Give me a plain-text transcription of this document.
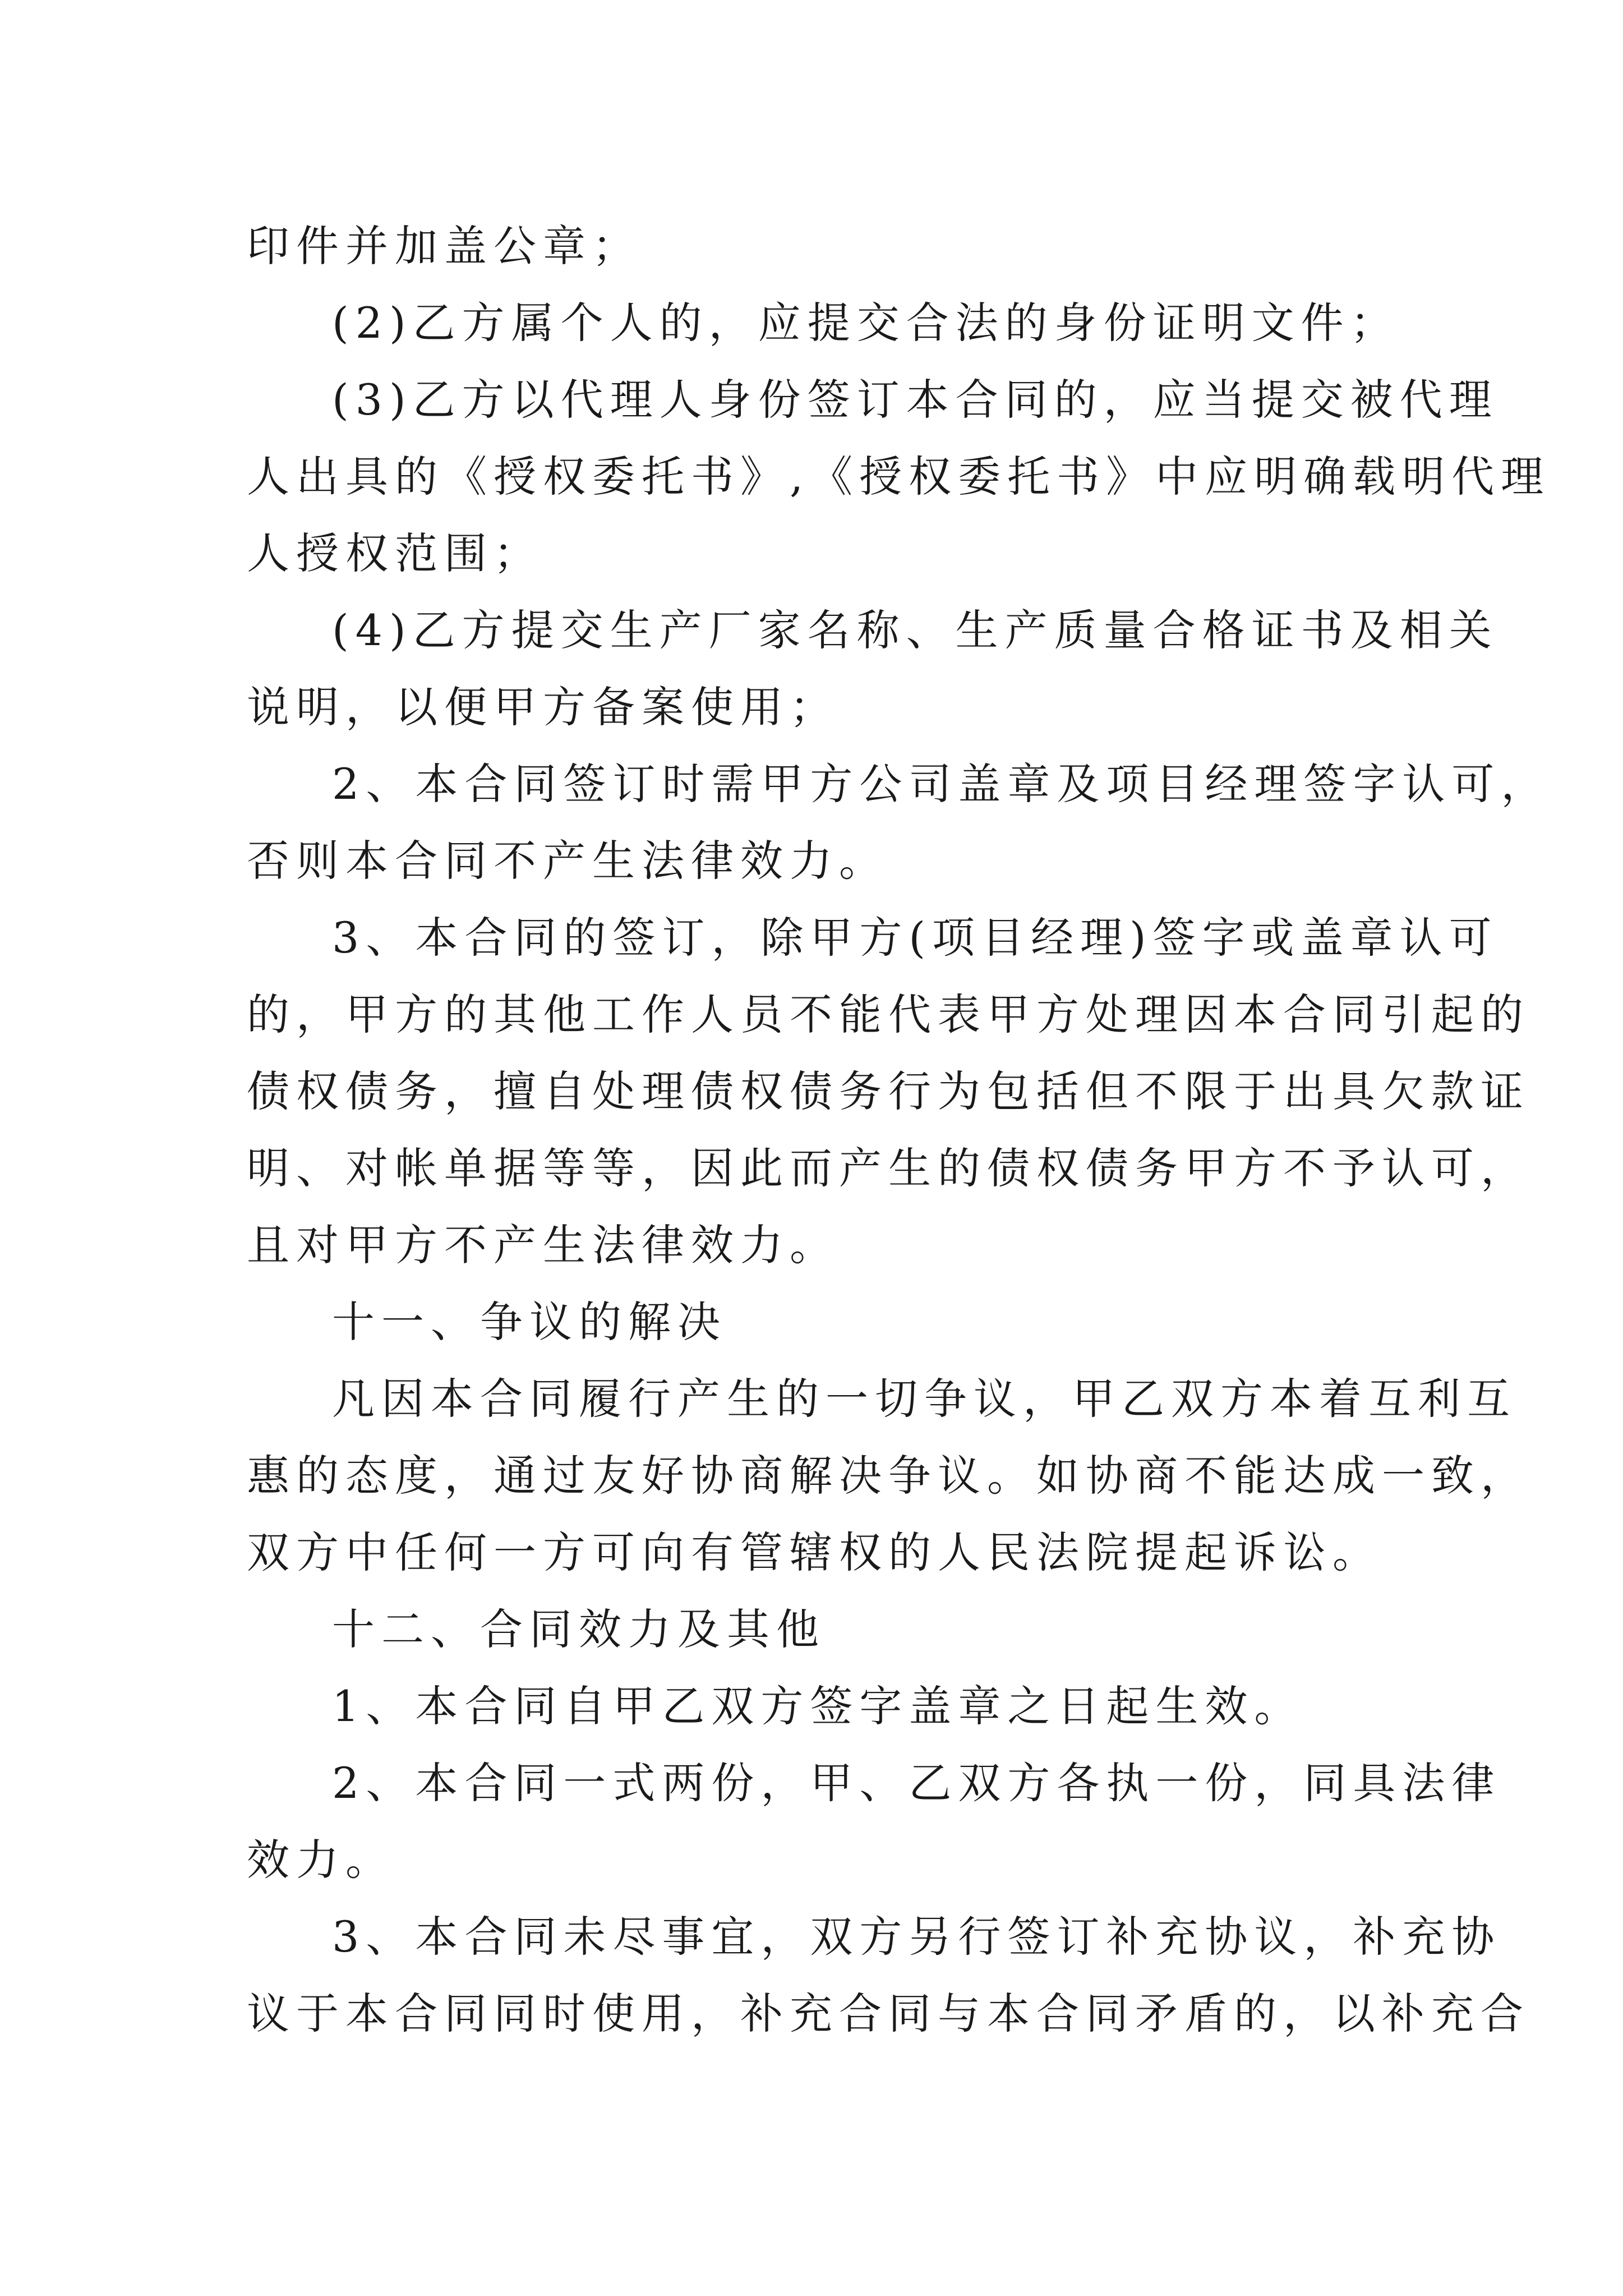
印件并加盖公章；
(2)乙方属个人的，应提交合法的身份证明文件；
(3)乙方以代理人身份签订本合同的，应当提交被代理
人出具的《授权委托书》,《授权委托书》中应明确载明代理
人授权范围；
(4)乙方提交生产厂家名称、生产质量合格证书及相关
说明，以便甲方备案使用；
2、本合同签订时需甲方公司盖章及项目经理签字认可，
否则本合同不产生法律效力。
3、本合同的签订，除甲方(项目经理)签字或盖章认可
的，甲方的其他工作人员不能代表甲方处理因本合同引起的
债权债务，擅自处理债权债务行为包括但不限于出具欠款证
明、对帐单据等等，因此而产生的债权债务甲方不予认可，
且对甲方不产生法律效力。
十一、争议的解决
凡因本合同履行产生的一切争议，甲乙双方本着互利互
惠的态度，通过友好协商解决争议。如协商不能达成一致，
双方中任何一方可向有管辖权的人民法院提起诉讼。
十二、合同效力及其他
1、本合同自甲乙双方签字盖章之日起生效。
2、本合同一式两份，甲、乙双方各执一份，同具法律
效力。
3、本合同未尽事宜，双方另行签订补充协议，补充协
议于本合同同时使用，补充合同与本合同矛盾的，以补充合
